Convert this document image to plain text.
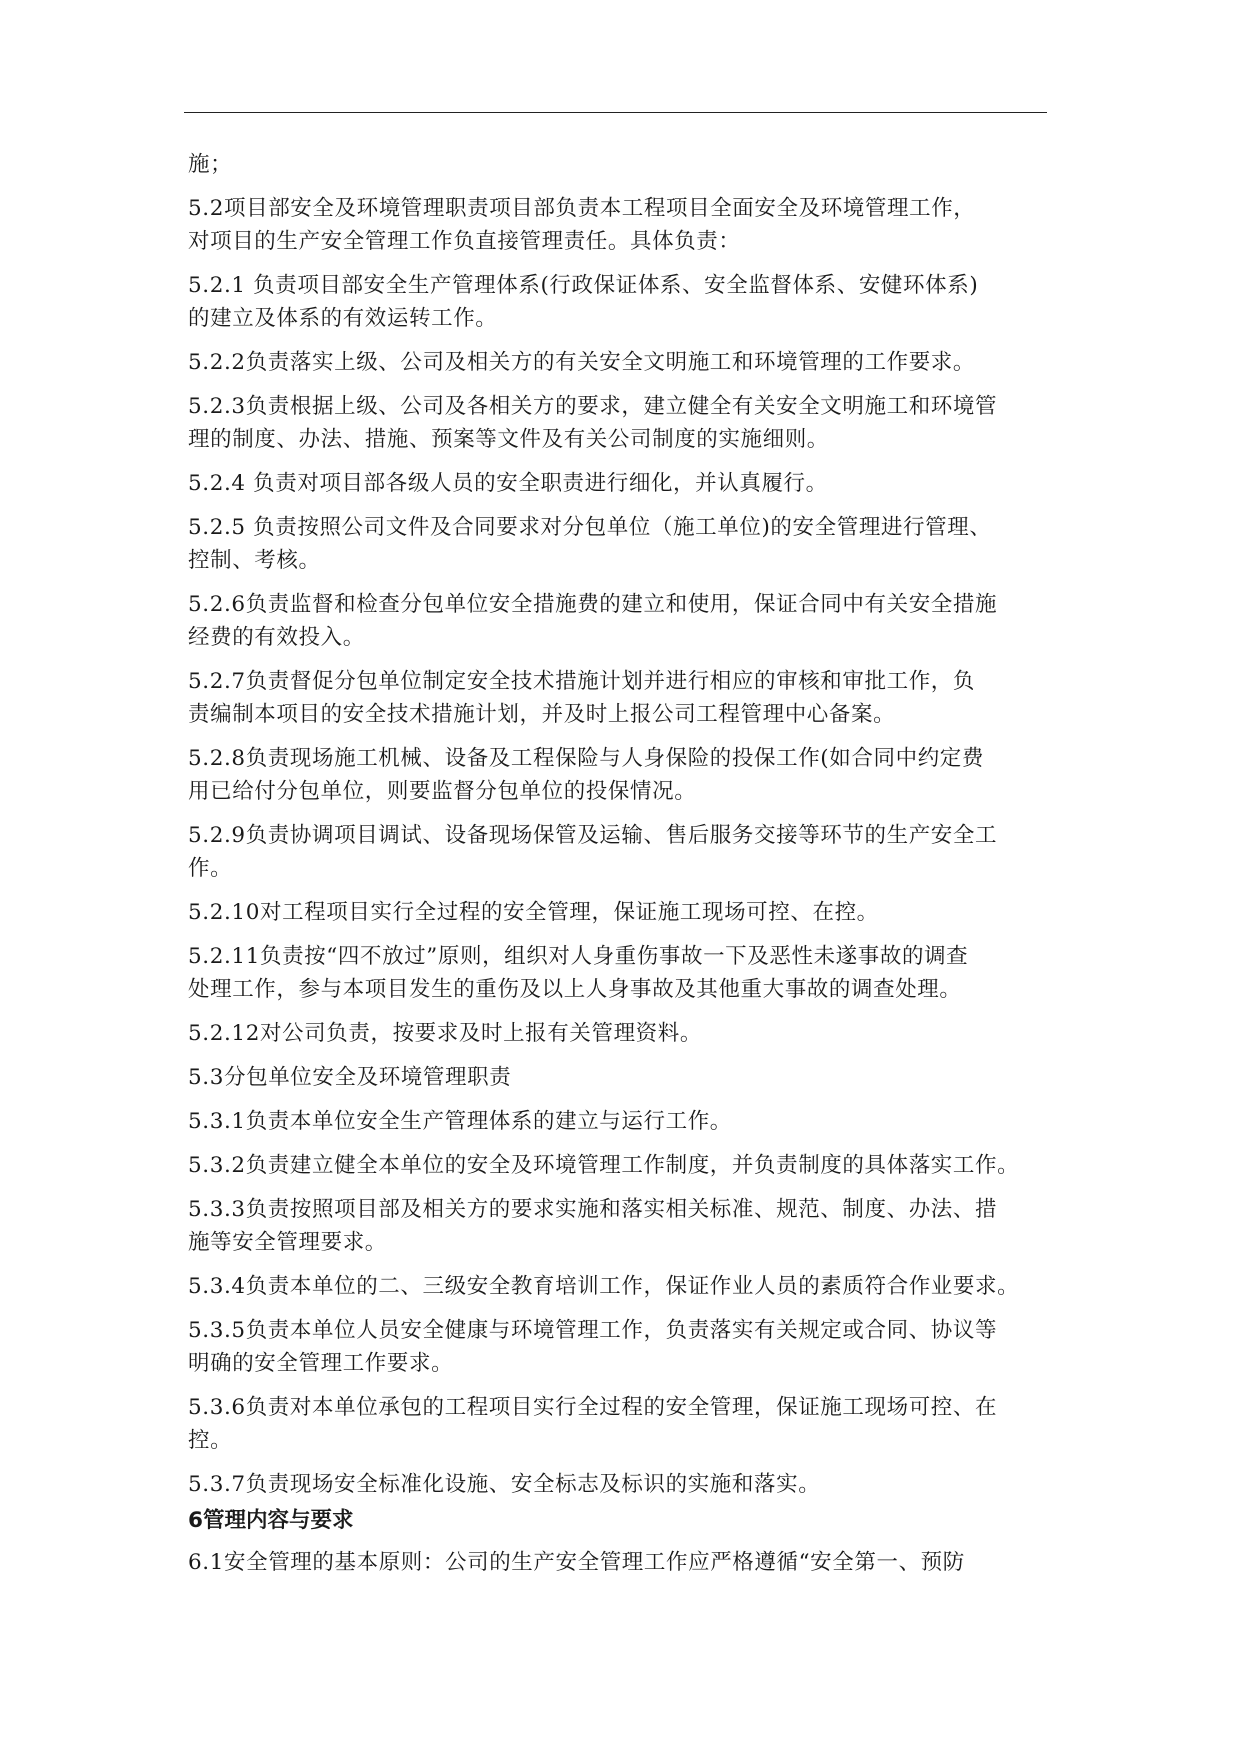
施；
5.2项目部安全及环境管理职责项目部负责本工程项目全面安全及环境管理工作，
对项目的生产安全管理工作负直接管理责任。具体负责：
5.2.1 负责项目部安全生产管理体系(行政保证体系、安全监督体系、安健环体系)
的建立及体系的有效运转工作。
5.2.2负责落实上级、公司及相关方的有关安全文明施工和环境管理的工作要求。
5.2.3负责根据上级、公司及各相关方的要求，建立健全有关安全文明施工和环境管
理的制度、办法、措施、预案等文件及有关公司制度的实施细则。
5.2.4 负责对项目部各级人员的安全职责进行细化，并认真履行。
5.2.5 负责按照公司文件及合同要求对分包单位（施工单位)的安全管理进行管理、
控制、考核。
5.2.6负责监督和检查分包单位安全措施费的建立和使用，保证合同中有关安全措施
经费的有效投入。
5.2.7负责督促分包单位制定安全技术措施计划并进行相应的审核和审批工作，负
责编制本项目的安全技术措施计划，并及时上报公司工程管理中心备案。
5.2.8负责现场施工机械、设备及工程保险与人身保险的投保工作(如合同中约定费
用已给付分包单位，则要监督分包单位的投保情况。
5.2.9负责协调项目调试、设备现场保管及运输、售后服务交接等环节的生产安全工
作。
5.2.10对工程项目实行全过程的安全管理，保证施工现场可控、在控。
5.2.11负责按“四不放过”原则，组织对人身重伤事故一下及恶性未遂事故的调查
处理工作，参与本项目发生的重伤及以上人身事故及其他重大事故的调查处理。
5.2.12对公司负责，按要求及时上报有关管理资料。
5.3分包单位安全及环境管理职责
5.3.1负责本单位安全生产管理体系的建立与运行工作。
5.3.2负责建立健全本单位的安全及环境管理工作制度，并负责制度的具体落实工作。
5.3.3负责按照项目部及相关方的要求实施和落实相关标准、规范、制度、办法、措
施等安全管理要求。
5.3.4负责本单位的二、三级安全教育培训工作，保证作业人员的素质符合作业要求。
5.3.5负责本单位人员安全健康与环境管理工作，负责落实有关规定或合同、协议等
明确的安全管理工作要求。
5.3.6负责对本单位承包的工程项目实行全过程的安全管理，保证施工现场可控、在
控。
5.3.7负责现场安全标准化设施、安全标志及标识的实施和落实。
6管理内容与要求
6.1安全管理的基本原则：公司的生产安全管理工作应严格遵循“安全第一、预防
